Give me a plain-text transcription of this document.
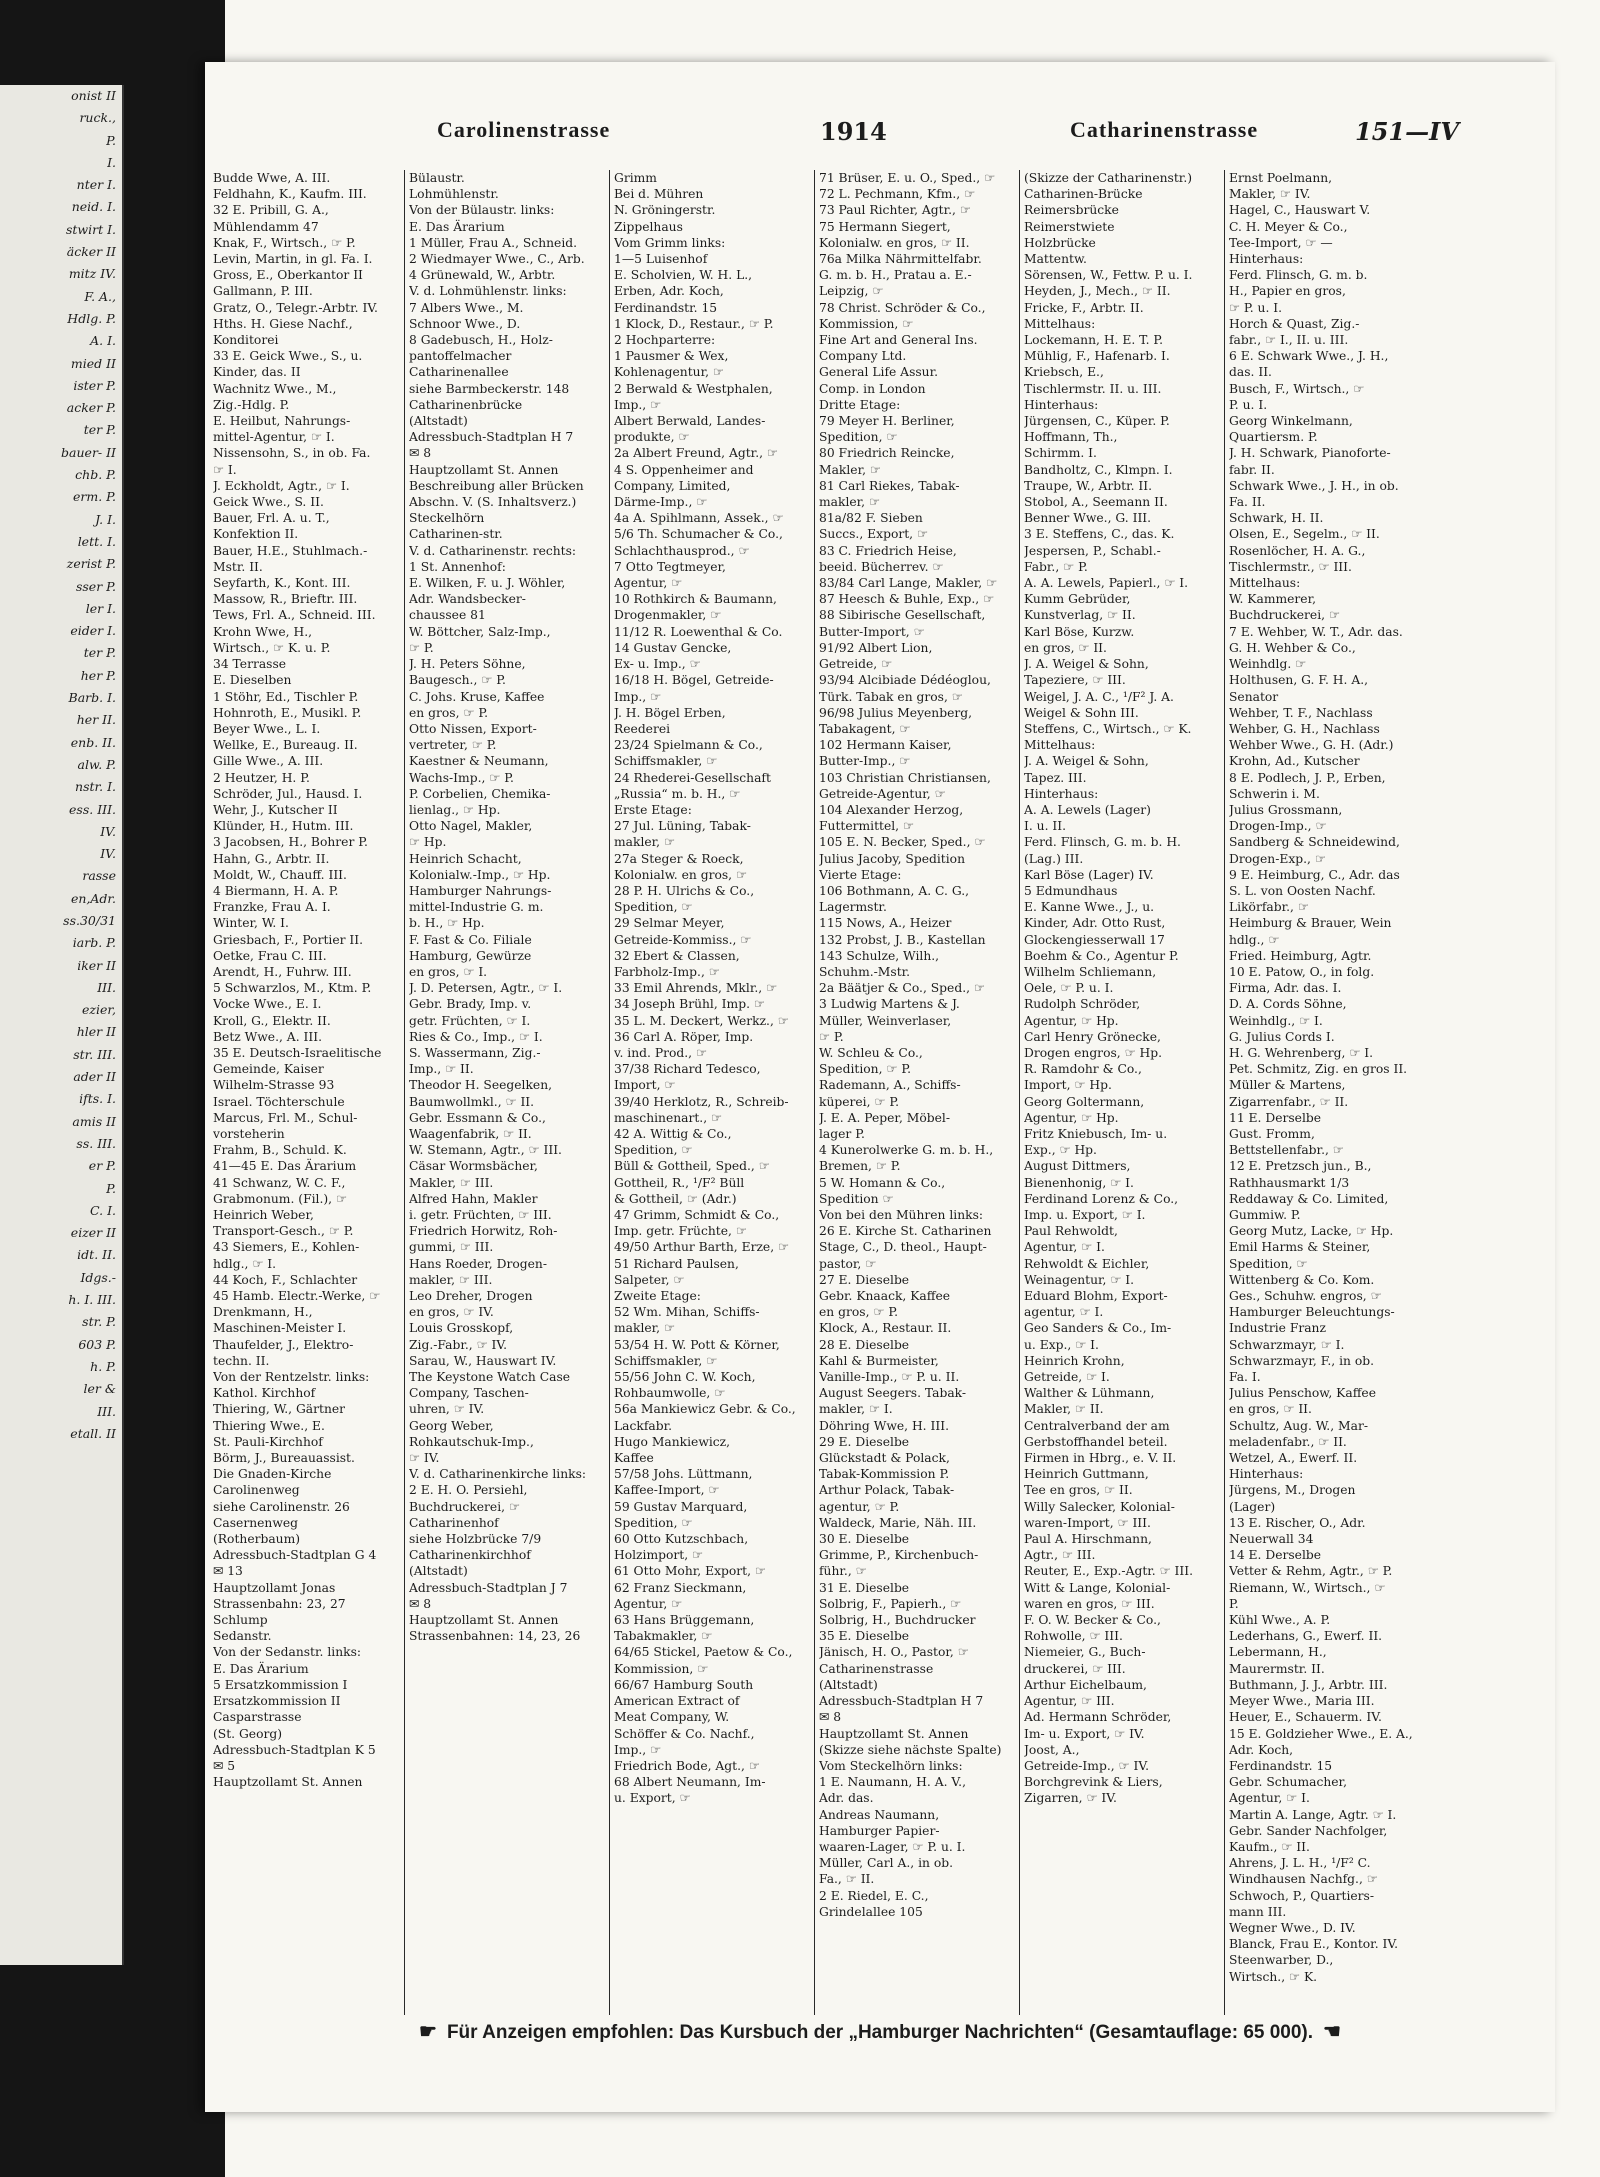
onist II
ruck.,
P.
I.
nter I.
neid. I.
stwirt I.
äcker II
mitz IV.
F. A.,
Hdlg. P.
A. I.
mied II
ister P.
acker P.
ter P.
bauer- II
chb. P.
erm. P.
J. I.
lett. I.
zerist P.
sser P.
ler I.
eider I.
ter P.
her P.
Barb. I.
her II.
enb. II.
alw. P.
nstr. I.
ess. III.
IV.
IV.
rasse
en,Adr.
ss.30/31
iarb. P.
iker II
III.
ezier,
hler II
str. III.
ader II
ifts. I.
amis II
ss. III.
er P.
P.
C. I.
eizer II
idt. II.
Idgs.-
h. I. III.
str. P.
603 P.
h. P.
ler &
III.
etall. II
Carolinenstrasse	1914	Catharinenstrasse	151—IV
Budde Wwe, A. III.
Feldhahn, K., Kaufm. III.
32 E. Pribill, G. A.,
Mühlendamm 47
Knak, F., Wirtsch., ☞ P.
Levin, Martin, in gl. Fa. I.
Gross, E., Oberkantor II
Gallmann, P. III.
Gratz, O., Telegr.-Arbtr. IV.
Hths. H. Giese Nachf.,
Konditorei
33 E. Geick Wwe., S., u.
Kinder, das. II
Wachnitz Wwe., M.,
Zig.-Hdlg. P.
E. Heilbut, Nahrungs-
mittel-Agentur, ☞ I.
Nissensohn, S., in ob. Fa.
☞ I.
J. Eckholdt, Agtr., ☞ I.
Geick Wwe., S. II.
Bauer, Frl. A. u. T.,
Konfektion II.
Bauer, H.E., Stuhlmach.-
Mstr. II.
Seyfarth, K., Kont. III.
Massow, R., Brieftr. III.
Tews, Frl. A., Schneid. III.
Krohn Wwe, H.,
Wirtsch., ☞ K. u. P.
34 Terrasse
E. Dieselben
1 Stöhr, Ed., Tischler P.
Hohnroth, E., Musikl. P.
Beyer Wwe., L. I.
Wellke, E., Bureaug. II.
Gille Wwe., A. III.
2 Heutzer, H. P.
Schröder, Jul., Hausd. I.
Wehr, J., Kutscher II
Klünder, H., Hutm. III.
3 Jacobsen, H., Bohrer P.
Hahn, G., Arbtr. II.
Moldt, W., Chauff. III.
4 Biermann, H. A. P.
Franzke, Frau A. I.
Winter, W. I.
Griesbach, F., Portier II.
Oetke, Frau C. III.
Arendt, H., Fuhrw. III.
5 Schwarzlos, M., Ktm. P.
Vocke Wwe., E. I.
Kroll, G., Elektr. II.
Betz Wwe., A. III.
35 E. Deutsch-Israelitische
Gemeinde, Kaiser
Wilhelm-Strasse 93
Israel. Töchterschule
Marcus, Frl. M., Schul-
vorsteherin
Frahm, B., Schuld. K.
41—45 E. Das Ärarium
41 Schwanz, W. C. F.,
Grabmonum. (Fil.), ☞
Heinrich Weber,
Transport-Gesch., ☞ P.
43 Siemers, E., Kohlen-
hdlg., ☞ I.
44 Koch, F., Schlachter
45 Hamb. Electr.-Werke, ☞
Drenkmann, H.,
Maschinen-Meister I.
Thaufelder, J., Elektro-
techn. II.
Von der Rentzelstr. links:
Kathol. Kirchhof
Thiering, W., Gärtner
Thiering Wwe., E.
St. Pauli-Kirchhof
Börm, J., Bureauassist.
Die Gnaden-Kirche
Carolinenweg
siehe Carolinenstr. 26
Casernenweg
(Rotherbaum)
Adressbuch-Stadtplan G 4
✉ 13
Hauptzollamt Jonas
Strassenbahn: 23, 27
Schlump
Sedanstr.
Von der Sedanstr. links:
E. Das Ärarium
5 Ersatzkommission I
Ersatzkommission II
Casparstrasse
(St. Georg)
Adressbuch-Stadtplan K 5
✉ 5
Hauptzollamt St. Annen
Bülaustr.
Lohmühlenstr.
Von der Bülaustr. links:
E. Das Ärarium
1 Müller, Frau A., Schneid.
2 Wiedmayer Wwe., C., Arb.
4 Grünewald, W., Arbtr.
V. d. Lohmühlenstr. links:
7 Albers Wwe., M.
Schnoor Wwe., D.
8 Gadebusch, H., Holz-
pantoffelmacher
Catharinenallee
siehe Barmbeckerstr. 148
Catharinenbrücke
(Altstadt)
Adressbuch-Stadtplan H 7
✉ 8
Hauptzollamt St. Annen
Beschreibung aller Brücken
Abschn. V. (S. Inhaltsverz.)
Steckelhörn
Catharinen-str.
V. d. Catharinenstr. rechts:
1 St. Annenhof:
E. Wilken, F. u. J. Wöhler,
Adr. Wandsbecker-
chaussee 81
W. Böttcher, Salz-Imp.,
☞ P.
J. H. Peters Söhne,
Baugesch., ☞ P.
C. Johs. Kruse, Kaffee
en gros, ☞ P.
Otto Nissen, Export-
vertreter, ☞ P.
Kaestner & Neumann,
Wachs-Imp., ☞ P.
P. Corbelien, Chemika-
lienlag., ☞ Hp.
Otto Nagel, Makler,
☞ Hp.
Heinrich Schacht,
Kolonialw.-Imp., ☞ Hp.
Hamburger Nahrungs-
mittel-Industrie G. m.
b. H., ☞ Hp.
F. Fast & Co. Filiale
Hamburg, Gewürze
en gros, ☞ I.
J. D. Petersen, Agtr., ☞ I.
Gebr. Brady, Imp. v.
getr. Früchten, ☞ I.
Ries & Co., Imp., ☞ I.
S. Wassermann, Zig.-
Imp., ☞ II.
Theodor H. Seegelken,
Baumwollmkl., ☞ II.
Gebr. Essmann & Co.,
Waagenfabrik, ☞ II.
W. Stemann, Agtr., ☞ III.
Cäsar Wormsbächer,
Makler, ☞ III.
Alfred Hahn, Makler
i. getr. Früchten, ☞ III.
Friedrich Horwitz, Roh-
gummi, ☞ III.
Hans Roeder, Drogen-
makler, ☞ III.
Leo Dreher, Drogen
en gros, ☞ IV.
Louis Grosskopf,
Zig.-Fabr., ☞ IV.
Sarau, W., Hauswart IV.
The Keystone Watch Case
Company, Taschen-
uhren, ☞ IV.
Georg Weber,
Rohkautschuk-Imp.,
☞ IV.
V. d. Catharinenkirche links:
2 E. H. O. Persiehl,
Buchdruckerei, ☞
Catharinenhof
siehe Holzbrücke 7/9
Catharinenkirchhof
(Altstadt)
Adressbuch-Stadtplan J 7
✉ 8
Hauptzollamt St. Annen
Strassenbahnen: 14, 23, 26
Grimm
Bei d. Mühren
N. Gröningerstr.
Zippelhaus
Vom Grimm links:
1—5 Luisenhof
E. Scholvien, W. H. L.,
Erben, Adr. Koch,
Ferdinandstr. 15
1 Klock, D., Restaur., ☞ P.
2 Hochparterre:
1 Pausmer & Wex,
Kohlenagentur, ☞
2 Berwald & Westphalen,
Imp., ☞
Albert Berwald, Landes-
produkte, ☞
2a Albert Freund, Agtr., ☞
4 S. Oppenheimer and
Company, Limited,
Därme-Imp., ☞
4a A. Spihlmann, Assek., ☞
5/6 Th. Schumacher & Co.,
Schlachthausprod., ☞
7 Otto Tegtmeyer,
Agentur, ☞
10 Rothkirch & Baumann,
Drogenmakler, ☞
11/12 R. Loewenthal & Co.
14 Gustav Gencke,
Ex- u. Imp., ☞
16/18 H. Bögel, Getreide-
Imp., ☞
J. H. Bögel Erben,
Reederei
23/24 Spielmann & Co.,
Schiffsmakler, ☞
24 Rhederei-Gesellschaft
„Russia“ m. b. H., ☞
Erste Etage:
27 Jul. Lüning, Tabak-
makler, ☞
27a Steger & Roeck,
Kolonialw. en gros, ☞
28 P. H. Ulrichs & Co.,
Spedition, ☞
29 Selmar Meyer,
Getreide-Kommiss., ☞
32 Ebert & Classen,
Farbholz-Imp., ☞
33 Emil Ahrends, Mklr., ☞
34 Joseph Brühl, Imp. ☞
35 L. M. Deckert, Werkz., ☞
36 Carl A. Röper, Imp.
v. ind. Prod., ☞
37/38 Richard Tedesco,
Import, ☞
39/40 Herklotz, R., Schreib-
maschinenart., ☞
42 A. Wittig & Co.,
Spedition, ☞
Büll & Gottheil, Sped., ☞
Gottheil, R., ¹/F² Büll
& Gottheil, ☞ (Adr.)
47 Grimm, Schmidt & Co.,
Imp. getr. Früchte, ☞
49/50 Arthur Barth, Erze, ☞
51 Richard Paulsen,
Salpeter, ☞
Zweite Etage:
52 Wm. Mihan, Schiffs-
makler, ☞
53/54 H. W. Pott & Körner,
Schiffsmakler, ☞
55/56 John C. W. Koch,
Rohbaumwolle, ☞
56a Mankiewicz Gebr. & Co.,
Lackfabr.
Hugo Mankiewicz,
Kaffee
57/58 Johs. Lüttmann,
Kaffee-Import, ☞
59 Gustav Marquard,
Spedition, ☞
60 Otto Kutzschbach,
Holzimport, ☞
61 Otto Mohr, Export, ☞
62 Franz Sieckmann,
Agentur, ☞
63 Hans Brüggemann,
Tabakmakler, ☞
64/65 Stickel, Paetow & Co.,
Kommission, ☞
66/67 Hamburg South
American Extract of
Meat Company, W.
Schöffer & Co. Nachf.,
Imp., ☞
Friedrich Bode, Agt., ☞
68 Albert Neumann, Im-
u. Export, ☞
71 Brüser, E. u. O., Sped., ☞
72 L. Pechmann, Kfm., ☞
73 Paul Richter, Agtr., ☞
75 Hermann Siegert,
Kolonialw. en gros, ☞ II.
76a Milka Nährmittelfabr.
G. m. b. H., Pratau a. E.-
Leipzig, ☞
78 Christ. Schröder & Co.,
Kommission, ☞
Fine Art and General Ins.
Company Ltd.
General Life Assur.
Comp. in London
Dritte Etage:
79 Meyer H. Berliner,
Spedition, ☞
80 Friedrich Reincke,
Makler, ☞
81 Carl Riekes, Tabak-
makler, ☞
81a/82 F. Sieben
Succs., Export, ☞
83 C. Friedrich Heise,
beeid. Bücherrev. ☞
83/84 Carl Lange, Makler, ☞
87 Heesch & Buhle, Exp., ☞
88 Sibirische Gesellschaft,
Butter-Import, ☞
91/92 Albert Lion,
Getreide, ☞
93/94 Alcibiade Dédéoglou,
Türk. Tabak en gros, ☞
96/98 Julius Meyenberg,
Tabakagent, ☞
102 Hermann Kaiser,
Butter-Imp., ☞
103 Christian Christiansen,
Getreide-Agentur, ☞
104 Alexander Herzog,
Futtermittel, ☞
105 E. N. Becker, Sped., ☞
Julius Jacoby, Spedition
Vierte Etage:
106 Bothmann, A. C. G.,
Lagermstr.
115 Nows, A., Heizer
132 Probst, J. B., Kastellan
143 Schulze, Wilh.,
Schuhm.-Mstr.
2a Bäätjer & Co., Sped., ☞
3 Ludwig Martens & J.
Müller, Weinverlaser,
☞ P.
W. Schleu & Co.,
Spedition, ☞ P.
Rademann, A., Schiffs-
küperei, ☞ P.
J. E. A. Peper, Möbel-
lager P.
4 Kunerolwerke G. m. b. H.,
Bremen, ☞ P.
5 W. Homann & Co.,
Spedition ☞
Von bei den Mühren links:
26 E. Kirche St. Catharinen
Stage, C., D. theol., Haupt-
pastor, ☞
27 E. Dieselbe
Gebr. Knaack, Kaffee
en gros, ☞ P.
Klock, A., Restaur. II.
28 E. Dieselbe
Kahl & Burmeister,
Vanille-Imp., ☞ P. u. II.
August Seegers. Tabak-
makler, ☞ I.
Döhring Wwe, H. III.
29 E. Dieselbe
Glückstadt & Polack,
Tabak-Kommission P.
Arthur Polack, Tabak-
agentur, ☞ P.
Waldeck, Marie, Näh. III.
30 E. Dieselbe
Grimme, P., Kirchenbuch-
führ., ☞
31 E. Dieselbe
Solbrig, F., Papierh., ☞
Solbrig, H., Buchdrucker
35 E. Dieselbe
Jänisch, H. O., Pastor, ☞
Catharinenstrasse
(Altstadt)
Adressbuch-Stadtplan H 7
✉ 8
Hauptzollamt St. Annen
(Skizze siehe nächste Spalte)
Vom Steckelhörn links:
1 E. Naumann, H. A. V.,
Adr. das.
Andreas Naumann,
Hamburger Papier-
waaren-Lager, ☞ P. u. I.
Müller, Carl A., in ob.
Fa., ☞ II.
2 E. Riedel, E. C.,
Grindelallee 105
(Skizze der Catharinenstr.)
Catharinen-Brücke
Reimersbrücke
Reimerstwiete
Holzbrücke
Mattentw.
Sörensen, W., Fettw. P. u. I.
Heyden, J., Mech., ☞ II.
Fricke, F., Arbtr. II.
Mittelhaus:
Lockemann, H. E. T. P.
Mühlig, F., Hafenarb. I.
Kriebsch, E.,
Tischlermstr. II. u. III.
Hinterhaus:
Jürgensen, C., Küper. P.
Hoffmann, Th.,
Schirmm. I.
Bandholtz, C., Klmpn. I.
Traupe, W., Arbtr. II.
Stobol, A., Seemann II.
Benner Wwe., G. III.
3 E. Steffens, C., das. K.
Jespersen, P., Schabl.-
Fabr., ☞ P.
A. A. Lewels, Papierl., ☞ I.
Kumm Gebrüder,
Kunstverlag, ☞ II.
Karl Böse, Kurzw.
en gros, ☞ II.
J. A. Weigel & Sohn,
Tapeziere, ☞ III.
Weigel, J. A. C., ¹/F² J. A.
Weigel & Sohn III.
Steffens, C., Wirtsch., ☞ K.
Mittelhaus:
J. A. Weigel & Sohn,
Tapez. III.
Hinterhaus:
A. A. Lewels (Lager)
I. u. II.
Ferd. Flinsch, G. m. b. H.
(Lag.) III.
Karl Böse (Lager) IV.
5 Edmundhaus
E. Kanne Wwe., J., u.
Kinder, Adr. Otto Rust,
Glockengiesserwall 17
Boehm & Co., Agentur P.
Wilhelm Schliemann,
Oele, ☞ P. u. I.
Rudolph Schröder,
Agentur, ☞ Hp.
Carl Henry Grönecke,
Drogen engros, ☞ Hp.
R. Ramdohr & Co.,
Import, ☞ Hp.
Georg Goltermann,
Agentur, ☞ Hp.
Fritz Kniebusch, Im- u.
Exp., ☞ Hp.
August Dittmers,
Bienenhonig, ☞ I.
Ferdinand Lorenz & Co.,
Imp. u. Export, ☞ I.
Paul Rehwoldt,
Agentur, ☞ I.
Rehwoldt & Eichler,
Weinagentur, ☞ I.
Eduard Blohm, Export-
agentur, ☞ I.
Geo Sanders & Co., Im-
u. Exp., ☞ I.
Heinrich Krohn,
Getreide, ☞ I.
Walther & Lühmann,
Makler, ☞ II.
Centralverband der am
Gerbstoffhandel beteil.
Firmen in Hbrg., e. V. II.
Heinrich Guttmann,
Tee en gros, ☞ II.
Willy Salecker, Kolonial-
waren-Import, ☞ III.
Paul A. Hirschmann,
Agtr., ☞ III.
Reuter, E., Exp.-Agtr. ☞ III.
Witt & Lange, Kolonial-
waren en gros, ☞ III.
F. O. W. Becker & Co.,
Rohwolle, ☞ III.
Niemeier, G., Buch-
druckerei, ☞ III.
Arthur Eichelbaum,
Agentur, ☞ III.
Ad. Hermann Schröder,
Im- u. Export, ☞ IV.
Joost, A.,
Getreide-Imp., ☞ IV.
Borchgrevink & Liers,
Zigarren, ☞ IV.
Ernst Poelmann,
Makler, ☞ IV.
Hagel, C., Hauswart V.
C. H. Meyer & Co.,
Tee-Import, ☞ —
Hinterhaus:
Ferd. Flinsch, G. m. b.
H., Papier en gros,
☞ P. u. I.
Horch & Quast, Zig.-
fabr., ☞ I., II. u. III.
6 E. Schwark Wwe., J. H.,
das. II.
Busch, F., Wirtsch., ☞
P. u. I.
Georg Winkelmann,
Quartiersm. P.
J. H. Schwark, Pianoforte-
fabr. II.
Schwark Wwe., J. H., in ob.
Fa. II.
Schwark, H. II.
Olsen, E., Segelm., ☞ II.
Rosenlöcher, H. A. G.,
Tischlermstr., ☞ III.
Mittelhaus:
W. Kammerer,
Buchdruckerei, ☞
7 E. Wehber, W. T., Adr. das.
G. H. Wehber & Co.,
Weinhdlg. ☞
Holthusen, G. F. H. A.,
Senator
Wehber, T. F., Nachlass
Wehber, G. H., Nachlass
Wehber Wwe., G. H. (Adr.)
Krohn, Ad., Kutscher
8 E. Podlech, J. P., Erben,
Schwerin i. M.
Julius Grossmann,
Drogen-Imp., ☞
Sandberg & Schneidewind,
Drogen-Exp., ☞
9 E. Heimburg, C., Adr. das
S. L. von Oosten Nachf.
Likörfabr., ☞
Heimburg & Brauer, Wein
hdlg., ☞
Fried. Heimburg, Agtr.
10 E. Patow, O., in folg.
Firma, Adr. das. I.
D. A. Cords Söhne,
Weinhdlg., ☞ I.
G. Julius Cords I.
H. G. Wehrenberg, ☞ I.
Pet. Schmitz, Zig. en gros II.
Müller & Martens,
Zigarrenfabr., ☞ II.
11 E. Derselbe
Gust. Fromm,
Bettstellenfabr., ☞
12 E. Pretzsch jun., B.,
Rathhausmarkt 1/3
Reddaway & Co. Limited,
Gummiw. P.
Georg Mutz, Lacke, ☞ Hp.
Emil Harms & Steiner,
Spedition, ☞
Wittenberg & Co. Kom.
Ges., Schuhw. engros, ☞
Hamburger Beleuchtungs-
Industrie Franz
Schwarzmayr, ☞ I.
Schwarzmayr, F., in ob.
Fa. I.
Julius Penschow, Kaffee
en gros, ☞ II.
Schultz, Aug. W., Mar-
meladenfabr., ☞ II.
Wetzel, A., Ewerf. II.
Hinterhaus:
Jürgens, M., Drogen
(Lager)
13 E. Rischer, O., Adr.
Neuerwall 34
14 E. Derselbe
Vetter & Rehm, Agtr., ☞ P.
Riemann, W., Wirtsch., ☞
P.
Kühl Wwe., A. P.
Lederhans, G., Ewerf. II.
Lebermann, H.,
Maurermstr. II.
Buthmann, J. J., Arbtr. III.
Meyer Wwe., Maria III.
Heuer, E., Schauerm. IV.
15 E. Goldzieher Wwe., E. A.,
Adr. Koch,
Ferdinandstr. 15
Gebr. Schumacher,
Agentur, ☞ I.
Martin A. Lange, Agtr. ☞ I.
Gebr. Sander Nachfolger,
Kaufm., ☞ II.
Ahrens, J. L. H., ¹/F² C.
Windhausen Nachfg., ☞
Schwoch, P., Quartiers-
mann III.
Wegner Wwe., D. IV.
Blanck, Frau E., Kontor. IV.
Steenwarber, D.,
Wirtsch., ☞ K.
☛ Für Anzeigen empfohlen: Das Kursbuch der „Hamburger Nachrichten“ (Gesamtauflage: 65 000). ☚
